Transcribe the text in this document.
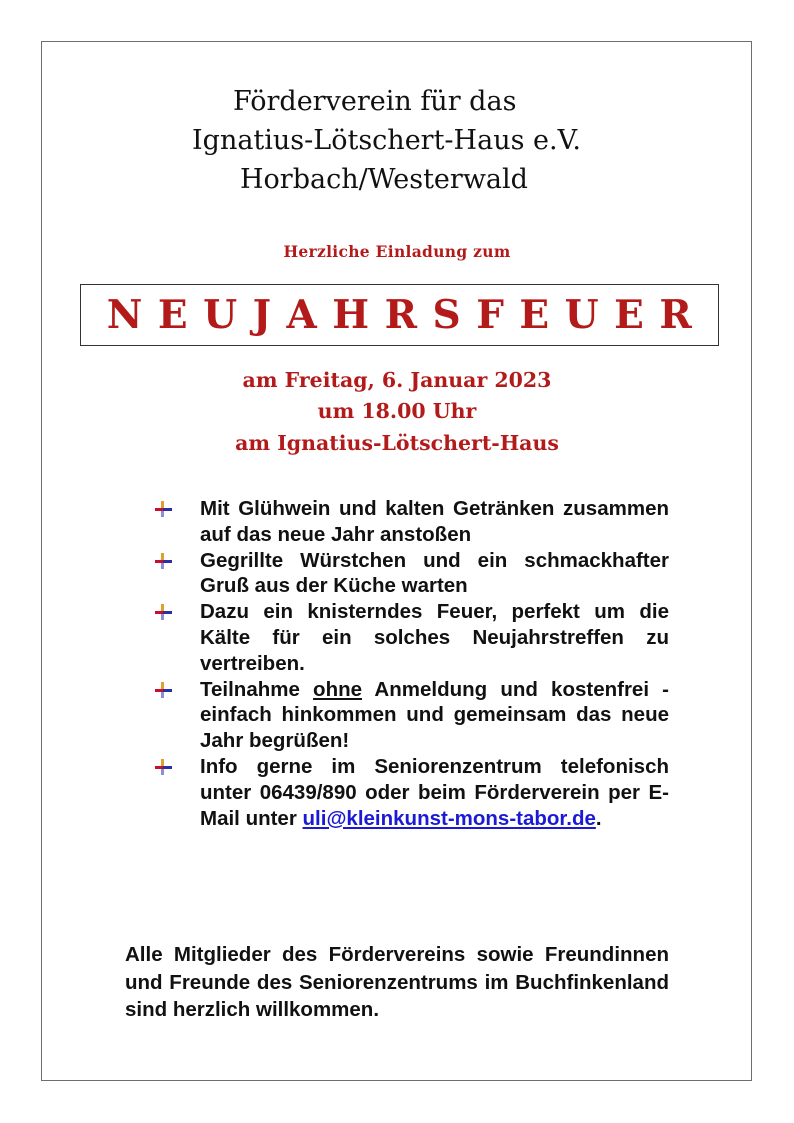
Förderverein für das
Ignatius-Lötschert-Haus e.V.
Horbach/Westerwald
Herzliche Einladung zum
NEUJAHRSFEUER
am Freitag, 6. Januar 2023
um 18.00 Uhr
am Ignatius-Lötschert-Haus
Mit Glühwein und kalten Getränken zusammen auf das neue Jahr anstoßen
Gegrillte Würstchen und ein schmackhafter Gruß aus der Küche warten
Dazu ein knisterndes Feuer, perfekt um die Kälte für ein solches Neujahrstreffen zu vertreiben.
Teilnahme ohne Anmeldung und kostenfrei - einfach hinkommen und gemeinsam das neue Jahr begrüßen!
Info gerne im Seniorenzentrum telefonisch unter 06439/890 oder beim Förderverein per E-Mail unter uli@kleinkunst-mons-tabor.de.
Alle Mitglieder des Fördervereins sowie Freundinnen und Freunde des Seniorenzentrums im Buchfinkenland sind herzlich willkommen.
